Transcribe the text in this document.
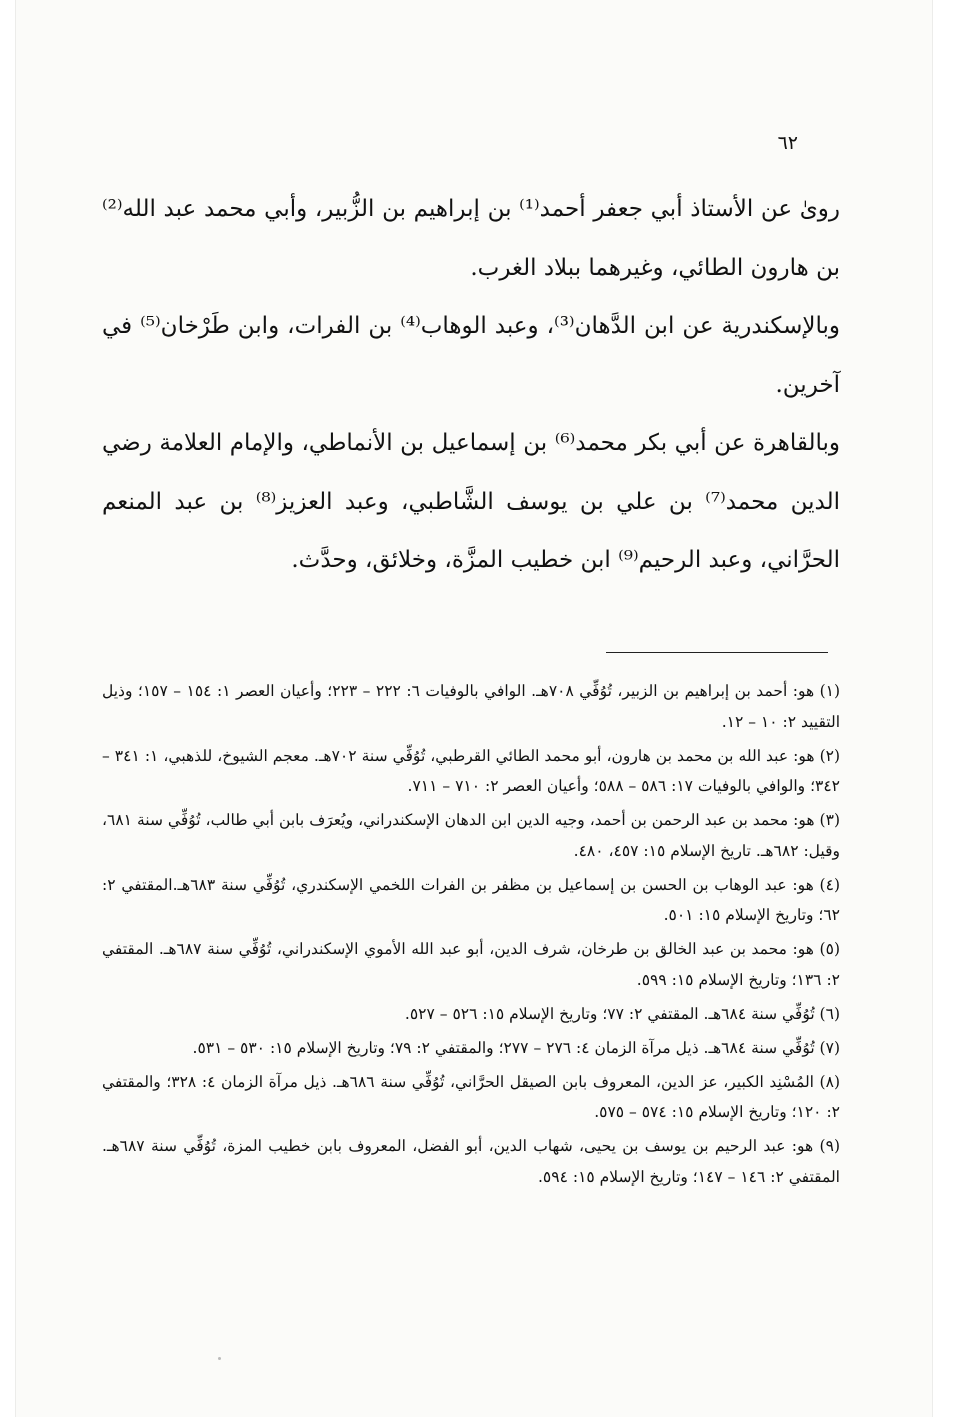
٦٢

روىٰ عن الأستاذ أبي جعفر أحمد⁽¹⁾ بن إبراهيم بن الزُّبير، وأبي محمد عبد الله⁽²⁾ بن هارون الطائي، وغيرهما ببلاد الغرب.

وبالإسكندرية عن ابن الدَّهان⁽³⁾، وعبد الوهاب⁽⁴⁾ بن الفرات، وابن طَرْخان⁽⁵⁾ في آخرين.

وبالقاهرة عن أبي بكر محمد⁽⁶⁾ بن إسماعيل بن الأنماطي، والإمام العلامة رضي الدين محمد⁽⁷⁾ بن علي بن يوسف الشَّاطبي، وعبد العزيز⁽⁸⁾ بن عبد المنعم الحرَّاني، وعبد الرحيم⁽⁹⁾ ابن خطيب المزَّة، وخلائق، وحدَّث.

(١) هو: أحمد بن إبراهيم بن الزبير، تُوُفِّي ٧٠٨هـ. الوافي بالوفيات ٦: ٢٢٢ – ٢٢٣؛ وأعيان العصر ١: ١٥٤ – ١٥٧؛ وذيل التقييد ٢: ١٠ – ١٢.

(٢) هو: عبد الله بن محمد بن هارون، أبو محمد الطائي القرطبي، تُوُفِّي سنة ٧٠٢هـ. معجم الشيوخ، للذهبي، ١: ٣٤١ – ٣٤٢؛ والوافي بالوفيات ١٧: ٥٨٦ – ٥٨٨؛ وأعيان العصر ٢: ٧١٠ – ٧١١.

(٣) هو: محمد بن عبد الرحمن بن أحمد، وجيه الدين ابن الدهان الإسكندراني، ويُعرَف بابن أبي طالب، تُوُفِّي سنة ٦٨١، وقيل: ٦٨٢هـ. تاريخ الإسلام ١٥: ٤٥٧، ٤٨٠.

(٤) هو: عبد الوهاب بن الحسن بن إسماعيل بن مظفر بن الفرات اللخمي الإسكندري، تُوُفِّي سنة ٦٨٣هـ.المقتفي ٢: ٦٢؛ وتاريخ الإسلام ١٥: ٥٠١.

(٥) هو: محمد بن عبد الخالق بن طرخان، شرف الدين، أبو عبد الله الأموي الإسكندراني، تُوُفِّي سنة ٦٨٧هـ. المقتفي ٢: ١٣٦؛ وتاريخ الإسلام ١٥: ٥٩٩.

(٦) تُوُفِّي سنة ٦٨٤هـ. المقتفي ٢: ٧٧؛ وتاريخ الإسلام ١٥: ٥٢٦ – ٥٢٧.

(٧) تُوُفِّي سنة ٦٨٤هـ. ذيل مرآة الزمان ٤: ٢٧٦ – ٢٧٧؛ والمقتفي ٢: ٧٩؛ وتاريخ الإسلام ١٥: ٥٣٠ – ٥٣١.

(٨) المُسْنِد الكبير، عز الدين، المعروف بابن الصيقل الحرَّاني، تُوُفِّي سنة ٦٨٦هـ. ذيل مرآة الزمان ٤: ٣٢٨؛ والمقتفي ٢: ١٢٠؛ وتاريخ الإسلام ١٥: ٥٧٤ – ٥٧٥.

(٩) هو: عبد الرحيم بن يوسف بن يحيى، شهاب الدين، أبو الفضل، المعروف بابن خطيب المزة، تُوُفِّي سنة ٦٨٧هـ. المقتفي ٢: ١٤٦ – ١٤٧؛ وتاريخ الإسلام ١٥: ٥٩٤.
